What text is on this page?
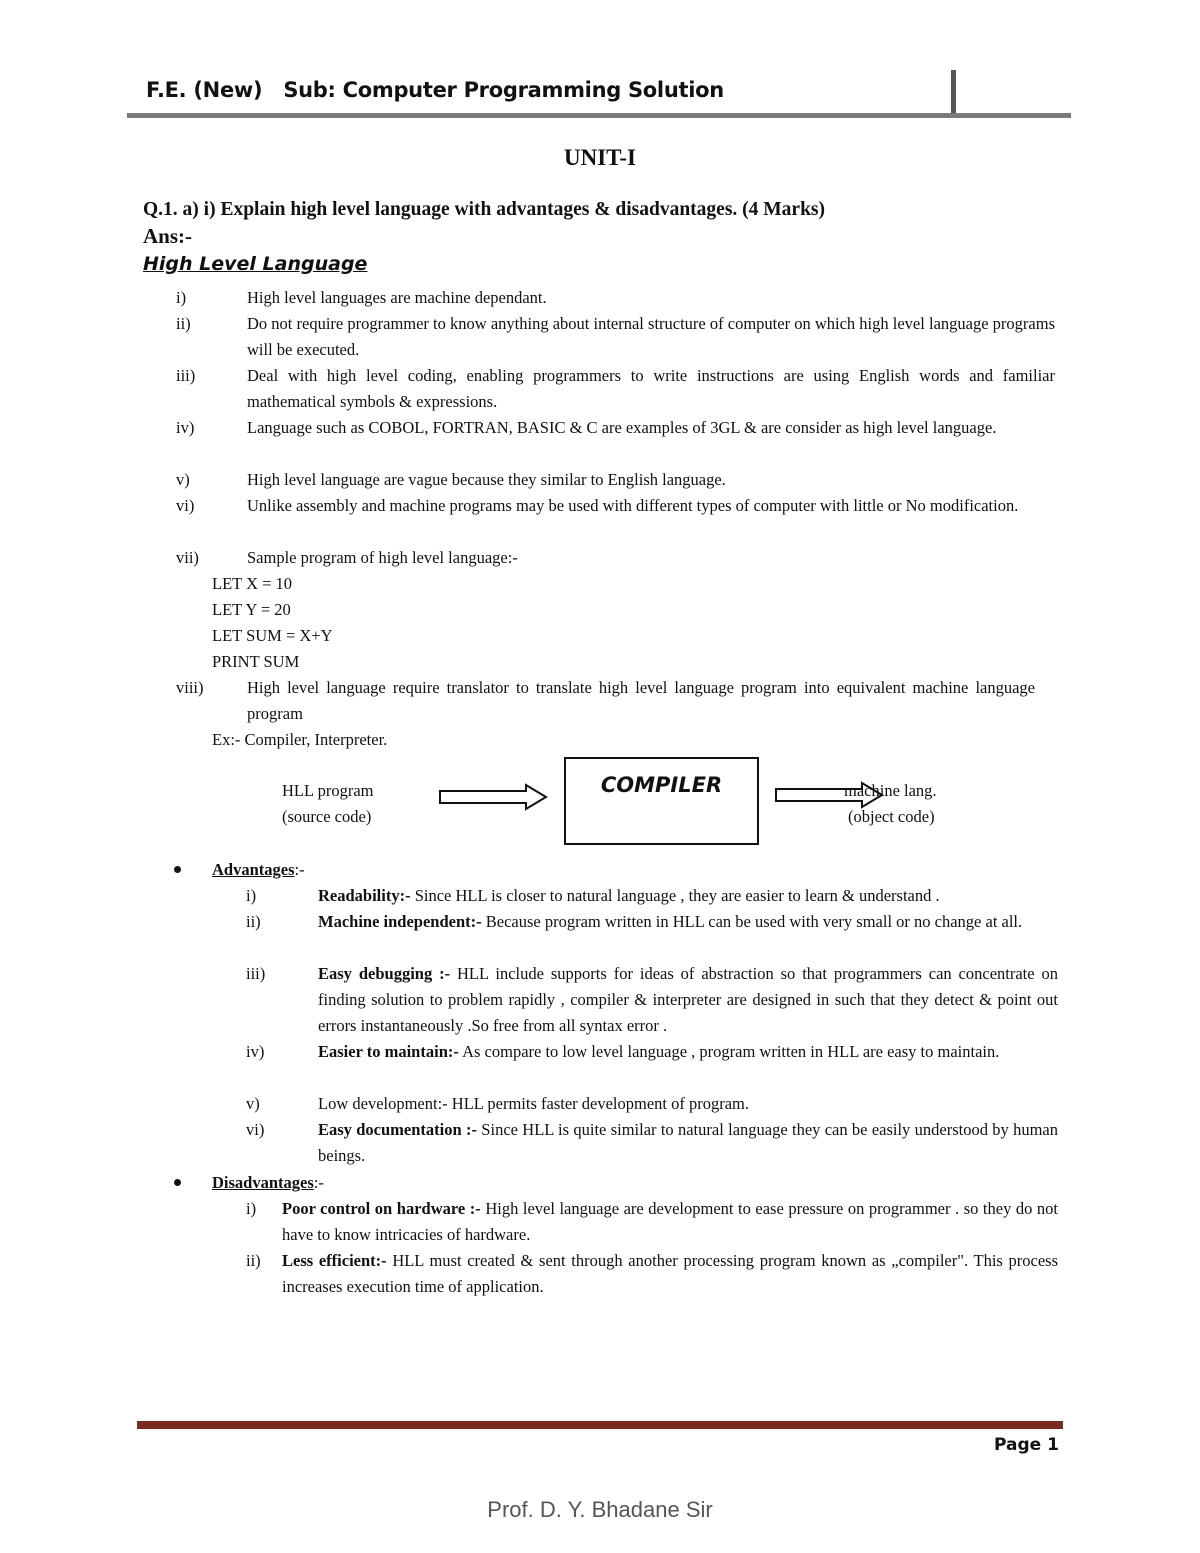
F.E. (New)   Sub: Computer Programming Solution
UNIT-I
Q.1. a) i) Explain high level language with advantages & disadvantages. (4 Marks)
Ans:-
High Level Language
i)	High level languages are machine dependant.
ii)	Do not require programmer to know anything about internal structure of computer on which high level language programs will be executed.
iii)	Deal with high level coding, enabling programmers to write instructions are using English words and familiar mathematical symbols & expressions.
iv)	Language such as COBOL, FORTRAN, BASIC & C are examples of 3GL & are consider as high level language.
v)	High level language are vague because they similar to English language.
vi)	Unlike assembly and machine programs may be used with different types of computer with little or No modification.
vii)	Sample program of high level language:-
LET X = 10
LET Y = 20
LET SUM = X+Y
PRINT SUM
viii)	High level language require translator to translate high level language program into equivalent machine language program
Ex:- Compiler, Interpreter.
HLL program
(source code)
COMPILER	machine lang.
(object code)
Advantages:-
i)	Readability:- Since HLL is closer to natural language , they are easier to learn & understand .
ii)	Machine independent:- Because program written in HLL can be used with very small or no change at all.
iii)	Easy debugging :- HLL include supports for ideas of abstraction so that programmers can concentrate on finding solution to problem rapidly , compiler & interpreter are designed in such that they detect & point out errors instantaneously .So free from all syntax error .
iv)	Easier to maintain:- As compare to low level language , program written in HLL are easy to maintain.
v)	Low development:- HLL permits faster development of program.
vi)	Easy documentation :- Since HLL is quite similar to natural language they can be easily understood by human beings.
Disadvantages:-
i) Poor control on hardware :- High level language are development to ease pressure on programmer . so they do not have to know intricacies of hardware.
ii) Less efficient:- HLL must created & sent through another processing program known as „compiler". This process increases execution time of application.
Page 1
Prof. D. Y. Bhadane Sir
